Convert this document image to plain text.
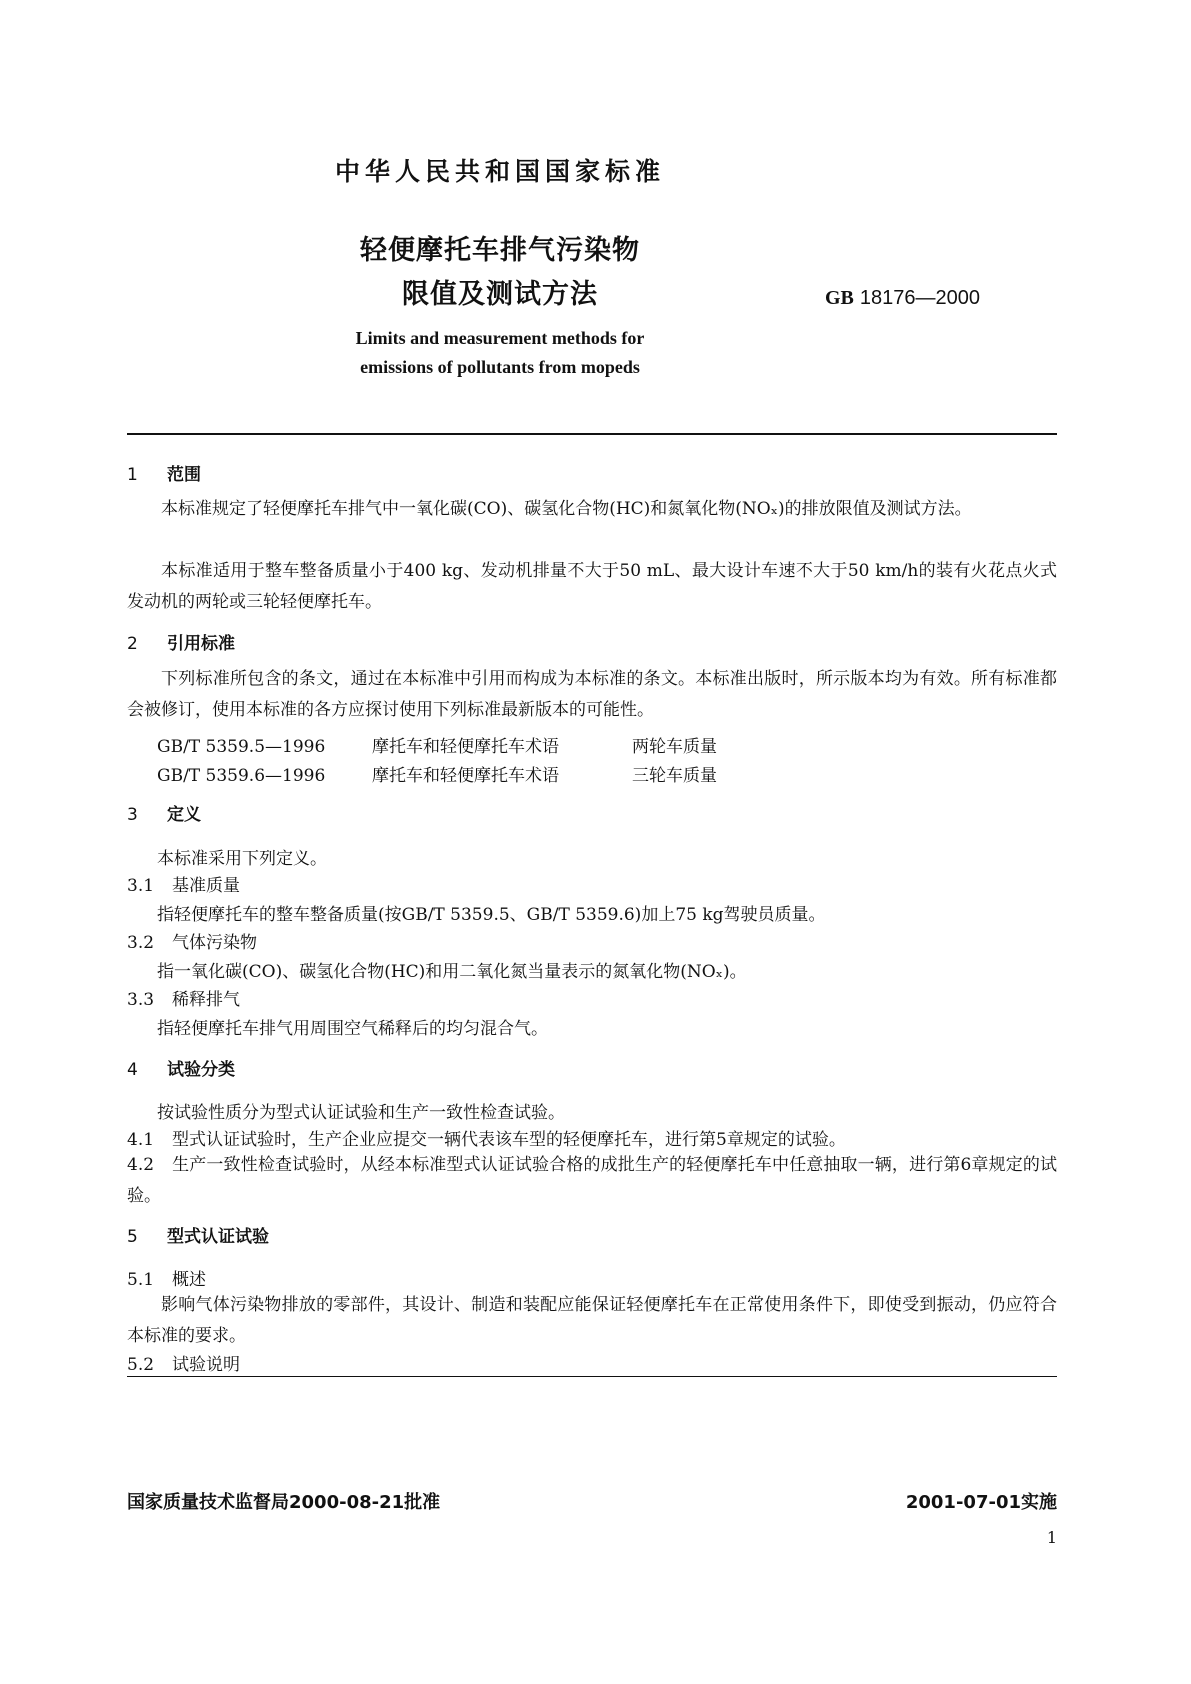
中华人民共和国国家标准
轻便摩托车排气污染物
限值及测试方法	GB 18176—2000
Limits and measurement methods for
emissions of pollutants from mopeds
1 范围
本标准规定了轻便摩托车排气中一氧化碳(CO)、碳氢化合物(HC)和氮氧化物(NOₓ)的排放限值及测试方法。
本标准适用于整车整备质量小于400 kg、发动机排量不大于50 mL、最大设计车速不大于50 km/h的装有火花点火式发动机的两轮或三轮轻便摩托车。
2 引用标准
下列标准所包含的条文，通过在本标准中引用而构成为本标准的条文。本标准出版时，所示版本均为有效。所有标准都会被修订，使用本标准的各方应探讨使用下列标准最新版本的可能性。
GB/T 5359.5—1996	摩托车和轻便摩托车术语	两轮车质量
GB/T 5359.6—1996	摩托车和轻便摩托车术语	三轮车质量
3 定义
本标准采用下列定义。
3.1 基准质量
指轻便摩托车的整车整备质量(按GB/T 5359.5、GB/T 5359.6)加上75 kg驾驶员质量。
3.2 气体污染物
指一氧化碳(CO)、碳氢化合物(HC)和用二氧化氮当量表示的氮氧化物(NOₓ)。
3.3 稀释排气
指轻便摩托车排气用周围空气稀释后的均匀混合气。
4 试验分类
按试验性质分为型式认证试验和生产一致性检查试验。
4.1 型式认证试验时，生产企业应提交一辆代表该车型的轻便摩托车，进行第5章规定的试验。
4.2 生产一致性检查试验时，从经本标准型式认证试验合格的成批生产的轻便摩托车中任意抽取一辆，进行第6章规定的试验。
5 型式认证试验
5.1 概述
影响气体污染物排放的零部件，其设计、制造和装配应能保证轻便摩托车在正常使用条件下，即使受到振动，仍应符合本标准的要求。
5.2 试验说明
国家质量技术监督局2000-08-21批准	2001-07-01实施
1
